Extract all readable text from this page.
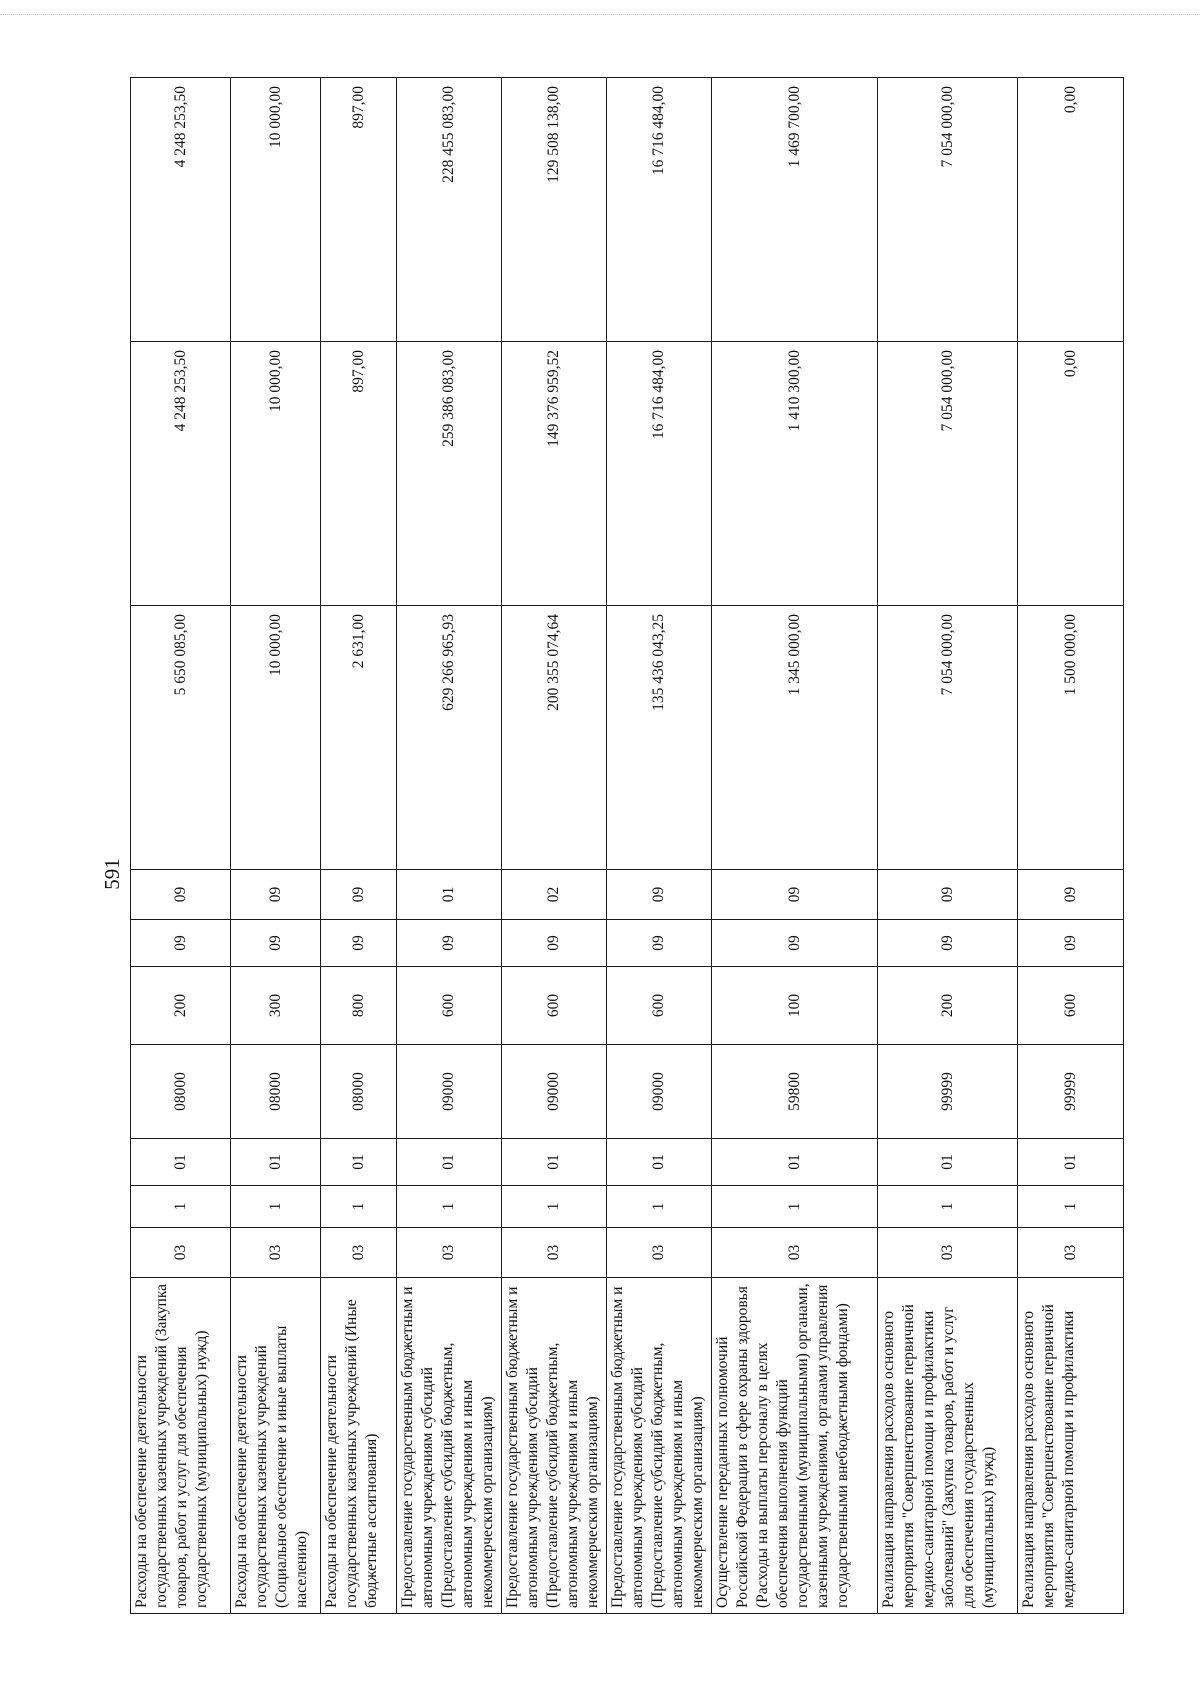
591
Расходы на обеспечение деятельности государственных казенных учреждений (Закупка товаров, работ и услуг для обеспечения государственных (муниципальных) нужд)	03	1	01	08000	200	09	09	5 650 085,00	4 248 253,50	4 248 253,50
Расходы на обеспечение деятельности государственных казенных учреждений (Социальное обеспечение и иные выплаты населению)	03	1	01	08000	300	09	09	10 000,00	10 000,00	10 000,00
Расходы на обеспечение деятельности государственных казенных учреждений (Иные бюджетные ассигнования)	03	1	01	08000	800	09	09	2 631,00	897,00	897,00
Предоставление государственным бюджетным и автономным учреждениям субсидий (Предоставление субсидий бюджетным, автономным учреждениям и иным некоммерческим организациям)	03	1	01	09000	600	09	01	629 266 965,93	259 386 083,00	228 455 083,00
Предоставление государственным бюджетным и автономным учреждениям субсидий (Предоставление субсидий бюджетным, автономным учреждениям и иным некоммерческим организациям)	03	1	01	09000	600	09	02	200 355 074,64	149 376 959,52	129 508 138,00
Предоставление государственным бюджетным и автономным учреждениям субсидий (Предоставление субсидий бюджетным, автономным учреждениям и иным некоммерческим организациям)	03	1	01	09000	600	09	09	135 436 043,25	16 716 484,00	16 716 484,00
Осуществление переданных полномочий Российской Федерации в сфере охраны здоровья (Расходы на выплаты персоналу в целях обеспечения выполнения функций государственными (муниципальными) органами, казенными учреждениями, органами управления государственными внебюджетными фондами)	03	1	01	59800	100	09	09	1 345 000,00	1 410 300,00	1 469 700,00
Реализация направления расходов основного мероприятия "Совершенствование первичной медико-санитарной помощи и профилактики заболеваний" (Закупка товаров, работ и услуг для обеспечения государственных (муниципальных) нужд)	03	1	01	99999	200	09	09	7 054 000,00	7 054 000,00	7 054 000,00
Реализация направления расходов основного мероприятия "Совершенствование первичной медико-санитарной помощи и профилактики	03	1	01	99999	600	09	09	1 500 000,00	0,00	0,00
